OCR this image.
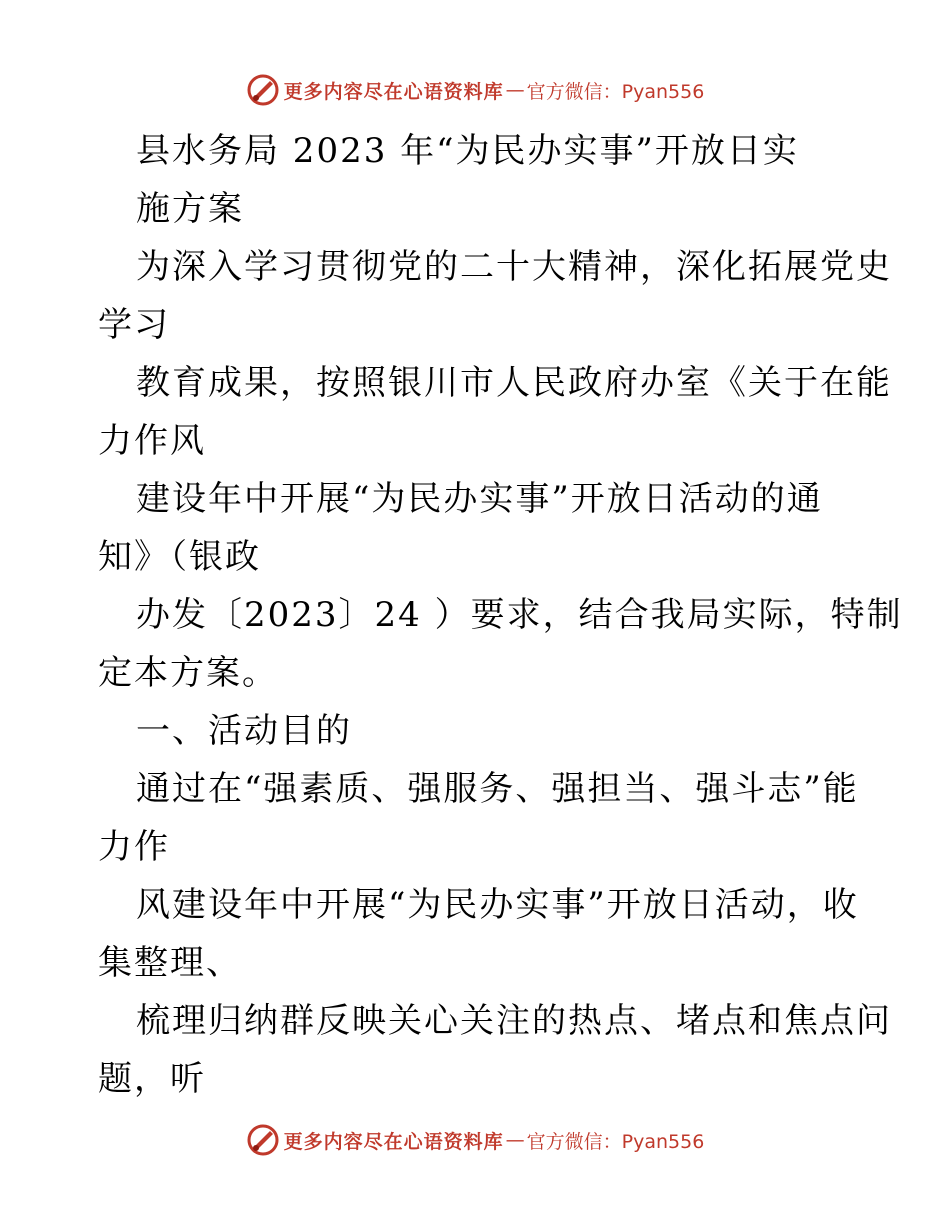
更多内容尽在心语资料库 — 官方微信：Pyan556
县水务局 2023 年“为民办实事”开放日实
施方案
为深入学习贯彻党的二十大精神，深化拓展党史
学习
教育成果，按照银川市人民政府办室《关于在能
力作风
建设年中开展“为民办实事”开放日活动的通
知》（银政
办发〔2023〕24 ）要求，结合我局实际，特制
定本方案。
一、活动目的
通过在“强素质、强服务、强担当、强斗志”能
力作
风建设年中开展“为民办实事”开放日活动，收
集整理、
梳理归纳群反映关心关注的热点、堵点和焦点问
题，听
更多内容尽在心语资料库 — 官方微信：Pyan556
